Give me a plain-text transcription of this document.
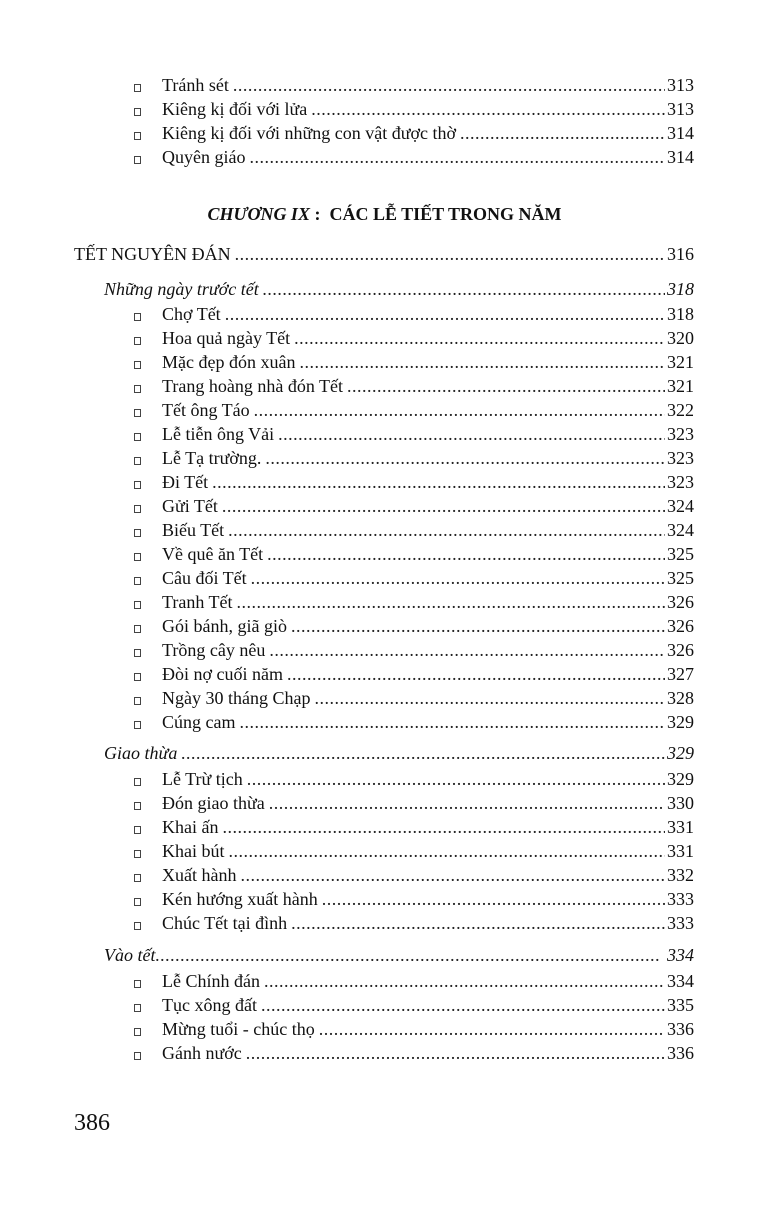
Tránh sét .....	313
Kiêng kị đối với lửa .....	313
Kiêng kị đối với những con vật được thờ .....	314
Quyên giáo .....	314
CHƯƠNG IX :  CÁC LỄ TIẾT TRONG NĂM
TẾT NGUYÊN ĐÁN .....	316
Những ngày trước tết .....	318
Chợ Tết .....	318
Hoa quả ngày Tết .....	320
Mặc đẹp đón xuân .....	321
Trang hoàng nhà đón Tết .....	321
Tết ông Táo .....	322
Lễ tiễn ông Vải .....	323
Lễ Tạ trường. .....	323
Đi Tết .....	323
Gửi Tết .....	324
Biếu Tết .....	324
Về quê ăn Tết .....	325
Câu đối Tết .....	325
Tranh Tết .....	326
Gói bánh, giã giò .....	326
Trồng cây nêu .....	326
Đòi nợ cuối năm .....	327
Ngày 30 tháng Chạp .....	328
Cúng cam .....	329
Giao thừa .....	329
Lễ Trừ tịch .....	329
Đón giao thừa .....	330
Khai ấn .....	331
Khai bút .....	331
Xuất hành .....	332
Kén hướng xuất hành .....	333
Chúc Tết tại đình .....	333
Vào tết .....	334
Lễ Chính đán .....	334
Tục xông đất .....	335
Mừng tuổi - chúc thọ .....	336
Gánh nước .....	336
386
